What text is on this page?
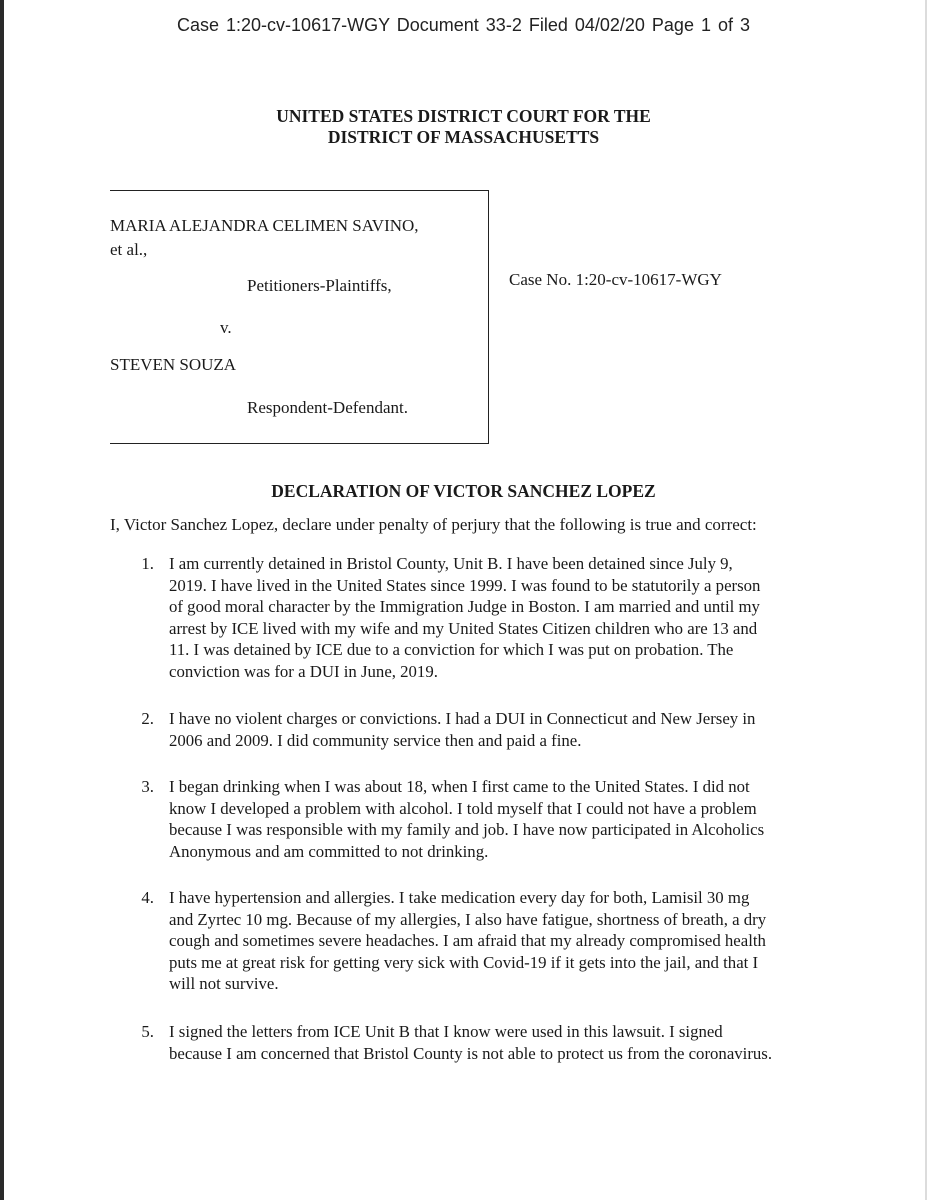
Case 1:20-cv-10617-WGY Document 33-2 Filed 04/02/20 Page 1 of 3
UNITED STATES DISTRICT COURT FOR THE
DISTRICT OF MASSACHUSETTS
MARIA ALEJANDRA CELIMEN SAVINO,
et al.,
Petitioners-Plaintiffs,
v.
STEVEN SOUZA
Respondent-Defendant.
Case No. 1:20-cv-10617-WGY
DECLARATION OF VICTOR SANCHEZ LOPEZ
I, Victor Sanchez Lopez, declare under penalty of perjury that the following is true and correct:
1. I am currently detained in Bristol County, Unit B. I have been detained since July 9,
2019. I have lived in the United States since 1999. I was found to be statutorily a person
of good moral character by the Immigration Judge in Boston. I am married and until my
arrest by ICE lived with my wife and my United States Citizen children who are 13 and
11. I was detained by ICE due to a conviction for which I was put on probation. The
conviction was for a DUI in June, 2019.
2. I have no violent charges or convictions. I had a DUI in Connecticut and New Jersey in
2006 and 2009. I did community service then and paid a fine.
3. I began drinking when I was about 18, when I first came to the United States. I did not
know I developed a problem with alcohol. I told myself that I could not have a problem
because I was responsible with my family and job. I have now participated in Alcoholics
Anonymous and am committed to not drinking.
4. I have hypertension and allergies. I take medication every day for both, Lamisil 30 mg
and Zyrtec 10 mg. Because of my allergies, I also have fatigue, shortness of breath, a dry
cough and sometimes severe headaches. I am afraid that my already compromised health
puts me at great risk for getting very sick with Covid-19 if it gets into the jail, and that I
will not survive.
5. I signed the letters from ICE Unit B that I know were used in this lawsuit. I signed
because I am concerned that Bristol County is not able to protect us from the coronavirus.
